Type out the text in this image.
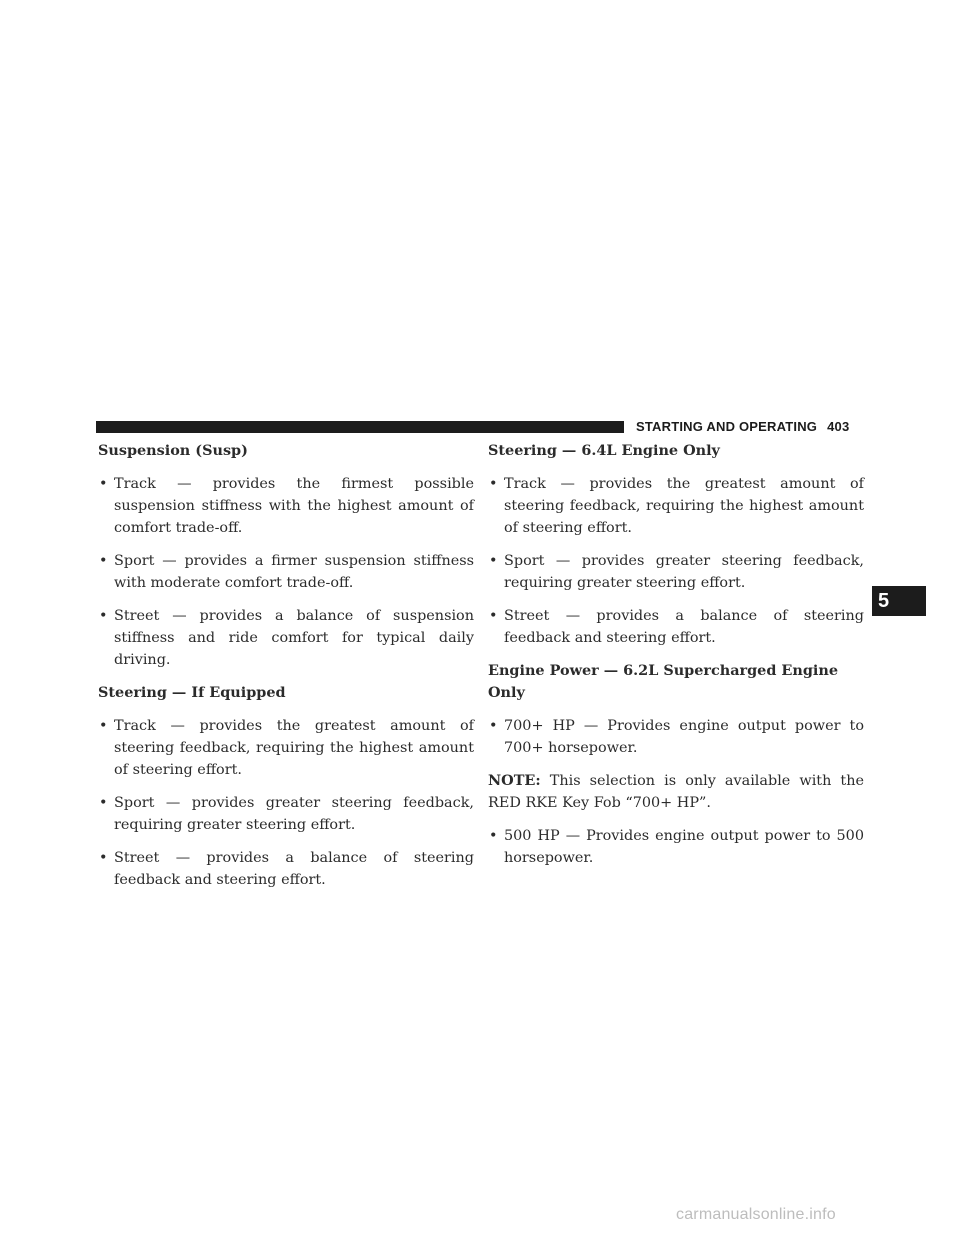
STARTING AND OPERATING 403
Suspension (Susp)
• Track — provides the firmest possible suspension stiffness with the highest amount of comfort trade-off.
• Sport — provides a firmer suspension stiffness with moderate comfort trade-off.
• Street — provides a balance of suspension stiffness and ride comfort for typical daily driving.
Steering — If Equipped
• Track — provides the greatest amount of steering feedback, requiring the highest amount of steering effort.
• Sport — provides greater steering feedback, requiring greater steering effort.
• Street — provides a balance of steering feedback and steering effort.
Steering — 6.4L Engine Only
• Track — provides the greatest amount of steering feedback, requiring the highest amount of steering effort.
• Sport — provides greater steering feedback, requiring greater steering effort.
• Street — provides a balance of steering feedback and steering effort.
Engine Power — 6.2L Supercharged Engine Only
• 700+ HP — Provides engine output power to 700+ horsepower.
NOTE: This selection is only available with the RED RKE Key Fob “700+ HP”.
• 500 HP — Provides engine output power to 500 horsepower.
5
carmanualsonline.info
